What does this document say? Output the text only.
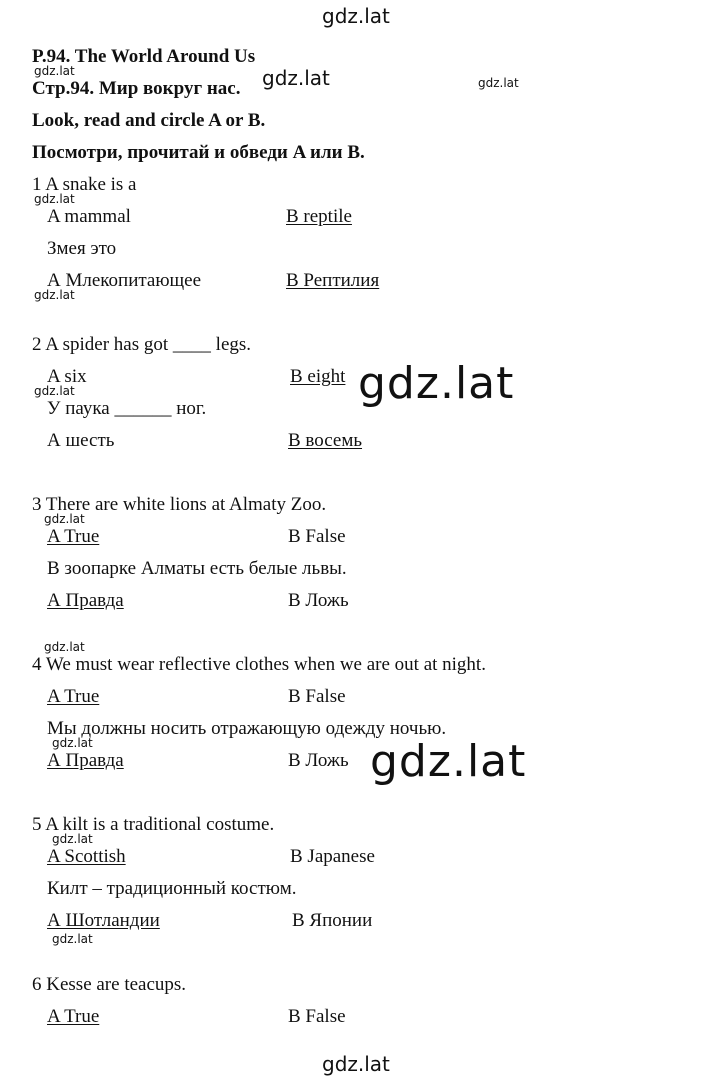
gdz.lat
gdz.lat	gdz.lat	gdz.lat
gdz.lat
gdz.lat
gdz.lat	gdz.lat
gdz.lat
gdz.lat
gdz.lat	gdz.lat
gdz.lat
gdz.lat
gdz.lat
P.94. The World Around Us
Стр.94. Мир вокруг нас.
Look, read and circle A or B.
Посмотри, прочитай и обведи A или B.
1 A snake is a
A mammal	B reptile
Змея это
А Млекопитающее	В Рептилия
2 A spider has got ____ legs.
A six	B eight
У паука ______ ног.
А шесть	В восемь
3 There are white lions at Almaty Zoo.
A True	B False
В зоопарке Алматы есть белые львы.
А Правда	В Ложь
4 We must wear reflective clothes when we are out at night.
A True	B False
Мы должны носить отражающую одежду ночью.
А Правда	В Ложь
5 A kilt is a traditional costume.
A Scottish	B Japanese
Килт – традиционный костюм.
А Шотландии	В Японии
6 Kesse are teacups.
A True	B False
